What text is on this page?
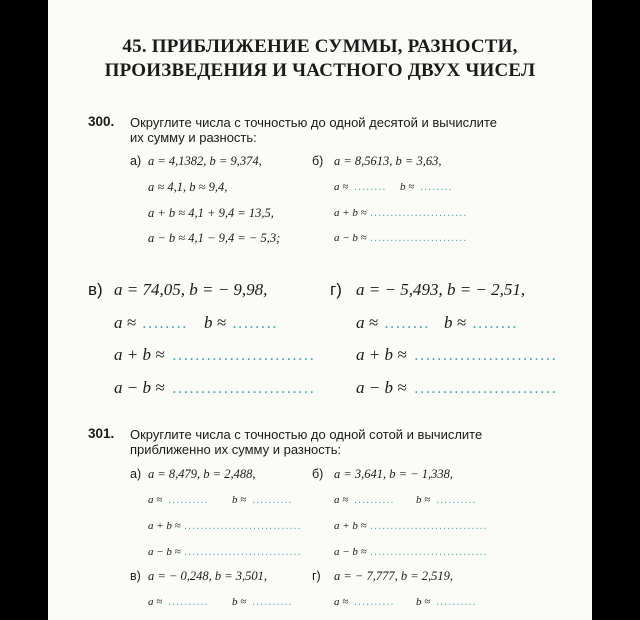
45. ПРИБЛИЖЕНИЕ СУММЫ, РАЗНОСТИ,
ПРОИЗВЕДЕНИЯ И ЧАСТНОГО ДВУХ ЧИСЕЛ
300. Округлите числа с точностью до одной десятой и вычислите
их сумму и разность:
а) a = 4,1382, b = 9,374,
a ≈ 4,1, b ≈ 9,4,
a + b ≈ 4,1 + 9,4 = 13,5,
a − b ≈ 4,1 − 9,4 = − 5,3;
б) a = 8,5613, b = 3,63,
a ≈ ........ b ≈ ........
a + b ≈ ........................
a − b ≈ ........................
в) a = 74,05, b = − 9,98,
a ≈ ........ b ≈ ........
a + b ≈ .........................
a − b ≈ .........................
г) a = − 5,493, b = − 2,51,
a ≈ ........ b ≈ ........
a + b ≈ .........................
a − b ≈ .........................
301. Округлите числа с точностью до одной сотой и вычислите
приближенно их сумму и разность:
а) a = 8,479, b = 2,488,
a ≈ .......... b ≈ ..........
a + b ≈ .............................
a − b ≈ .............................
б) a = 3,641, b = − 1,338,
a ≈ .......... b ≈ ..........
a + b ≈ .............................
a − b ≈ .............................
в) a = − 0,248, b = 3,501,
a ≈ .......... b ≈ ..........
г) a = − 7,777, b = 2,519,
a ≈ .......... b ≈ ..........
